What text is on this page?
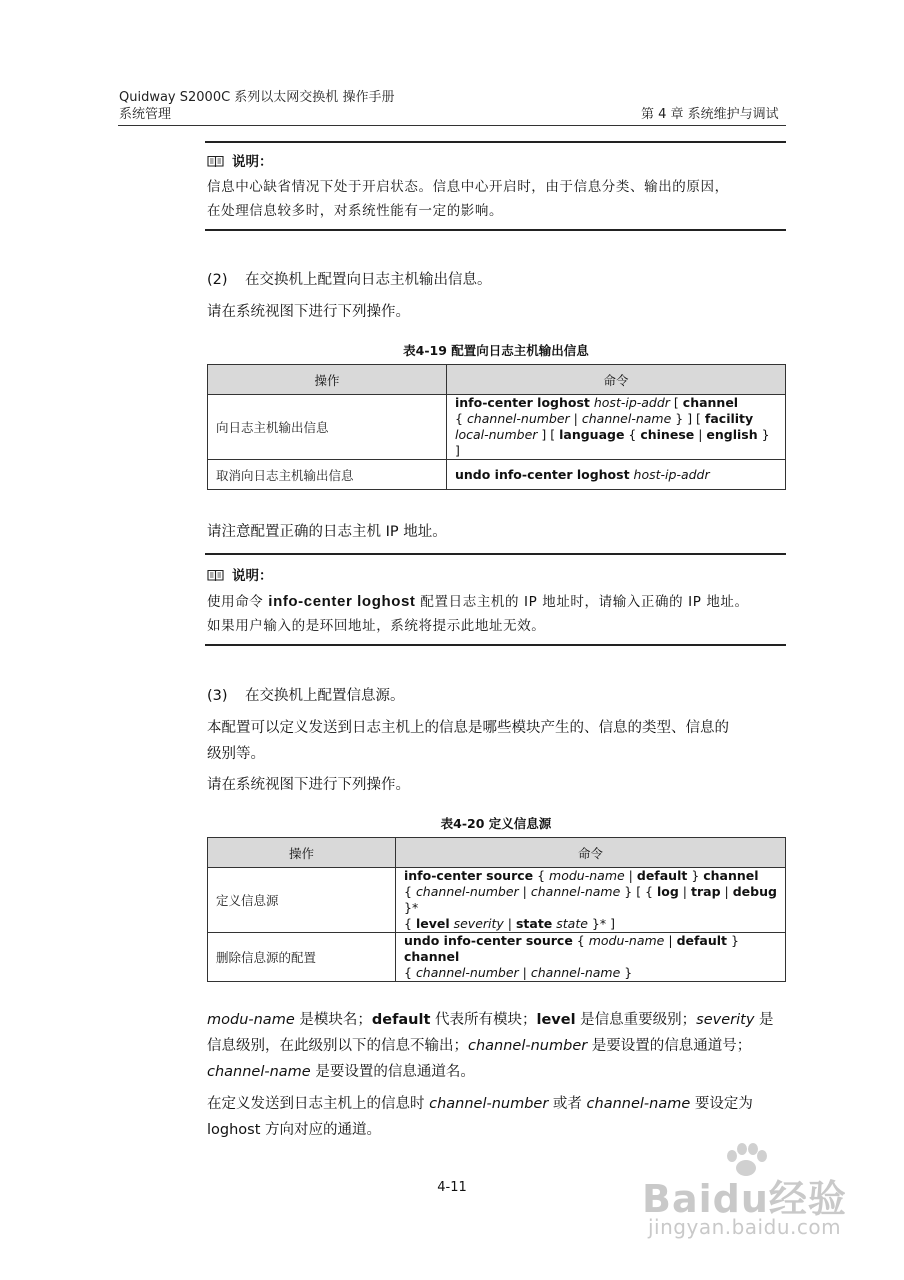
Quidway S2000C 系列以太网交换机 操作手册
系统管理	第 4 章 系统维护与调试
说明：
信息中心缺省情况下处于开启状态。信息中心开启时，由于信息分类、输出的原因，
在处理信息较多时，对系统性能有一定的影响。
(2) 在交换机上配置向日志主机输出信息。
请在系统视图下进行下列操作。
表4-19 配置向日志主机输出信息
操作	命令
向日志主机输出信息	info-center loghost host-ip-addr [ channel
{ channel-number | channel-name } ] [ facility
local-number ] [ language { chinese | english } ]
取消向日志主机输出信息	undo info-center loghost host-ip-addr
请注意配置正确的日志主机 IP 地址。
说明：
使用命令 info-center loghost 配置日志主机的 IP 地址时，请输入正确的 IP 地址。
如果用户输入的是环回地址，系统将提示此地址无效。
(3) 在交换机上配置信息源。
本配置可以定义发送到日志主机上的信息是哪些模块产生的、信息的类型、信息的
级别等。
请在系统视图下进行下列操作。
表4-20 定义信息源
操作	命令
定义信息源	info-center source { modu-name | default } channel
{ channel-number | channel-name } [ { log | trap | debug }*
{ level severity | state state }* ]
删除信息源的配置	undo info-center source { modu-name | default } channel
{ channel-number | channel-name }
modu-name 是模块名；default 代表所有模块；level 是信息重要级别；severity 是
信息级别，在此级别以下的信息不输出；channel-number 是要设置的信息通道号；
channel-name 是要设置的信息通道名。
在定义发送到日志主机上的信息时 channel-number 或者 channel-name 要设定为
loghost 方向对应的通道。
4-11	Baidu经验
jingyan.baidu.com
